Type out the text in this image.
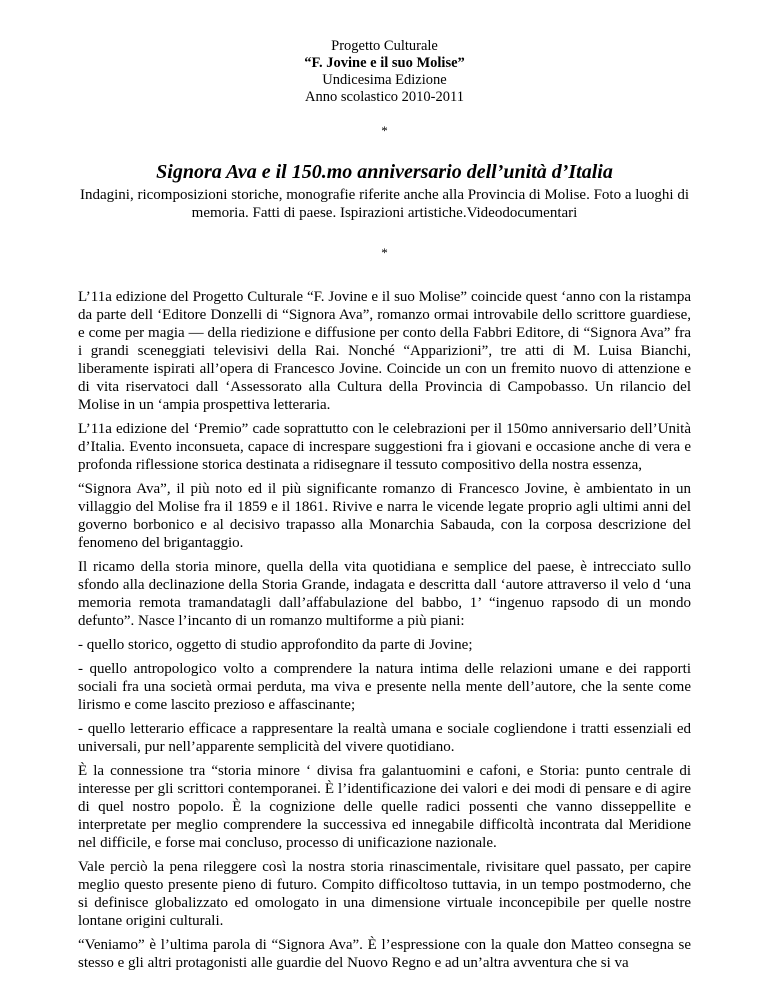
Progetto Culturale
“F. Jovine e il suo Molise”
Undicesima Edizione
Anno scolastico 2010-2011
*
Signora Ava e il 150.mo anniversario dell’unità d’Italia

Indagini, ricomposizioni storiche, monografie riferite anche alla Provincia di Molise. Foto a luoghi di memoria. Fatti di paese. Ispirazioni artistiche.Videodocumentari

*

L’11a edizione del Progetto Culturale “F. Jovine e il suo Molise” coincide quest ‘anno con la ristampa da parte dell ‘Editore Donzelli di “Signora Ava”, romanzo ormai introvabile dello scrittore guardiese, e come per magia — della riedizione e diffusione per conto della Fabbri Editore, di “Signora Ava” fra i grandi sceneggiati televisivi della Rai. Nonché “Apparizioni”, tre atti di M. Luisa Bianchi, liberamente ispirati all’opera di Francesco Jovine. Coincide un con un fremito nuovo di attenzione e di vita riservatoci dall ‘Assessorato alla Cultura della Provincia di Campobasso. Un rilancio del Molise in un ‘ampia prospettiva letteraria.

L’11a edizione del ‘Premio” cade soprattutto con le celebrazioni per il 150mo anniversario dell’Unità d’Italia. Evento inconsueta, capace di increspare suggestioni fra i giovani e occasione anche di vera e profonda riflessione storica destinata a ridisegnare il tessuto compositivo della nostra essenza,

“Signora Ava”, il più noto ed il più significante romanzo di Francesco Jovine, è ambientato in un villaggio del Molise fra il 1859 e il 1861. Rivive e narra le vicende legate proprio agli ultimi anni del governo borbonico e al decisivo trapasso alla Monarchia Sabauda, con la corposa descrizione del fenomeno del brigantaggio.

Il ricamo della storia minore, quella della vita quotidiana e semplice del paese, è intrecciato sullo sfondo alla declinazione della Storia Grande, indagata e descritta dall ‘autore attraverso il velo d ‘una memoria remota tramandatagli dall’affabulazione del babbo, 1’ “ingenuo rapsodo di un mondo defunto”. Nasce l’incanto di un romanzo multiforme a più piani:

- quello storico, oggetto di studio approfondito da parte di Jovine;

- quello antropologico volto a comprendere la natura intima delle relazioni umane e dei rapporti sociali fra una società ormai perduta, ma viva e presente nella mente dell’autore, che la sente come lirismo e come lascito prezioso e affascinante;

- quello letterario efficace a rappresentare la realtà umana e sociale cogliendone i tratti essenziali ed universali, pur nell’apparente semplicità del vivere quotidiano.

È la connessione tra “storia minore ‘ divisa fra galantuomini e cafoni, e Storia: punto centrale di interesse per gli scrittori contemporanei. È l’identificazione dei valori e dei modi di pensare e di agire di quel nostro popolo. È la cognizione delle quelle radici possenti che vanno disseppellite e interpretate per meglio comprendere la successiva ed innegabile difficoltà incontrata dal Meridione nel difficile, e forse mai concluso, processo di unificazione nazionale.

Vale perciò la pena rileggere così la nostra storia rinascimentale, rivisitare quel passato, per capire meglio questo presente pieno di futuro. Compito difficoltoso tuttavia, in un tempo postmoderno, che si definisce globalizzato ed omologato in una dimensione virtuale inconcepibile per quelle nostre lontane origini culturali.

“Veniamo” è l’ultima parola di “Signora Ava”. È l’espressione con la quale don Matteo consegna se stesso e gli altri protagonisti alle guardie del Nuovo Regno e ad un’altra avventura che si va
